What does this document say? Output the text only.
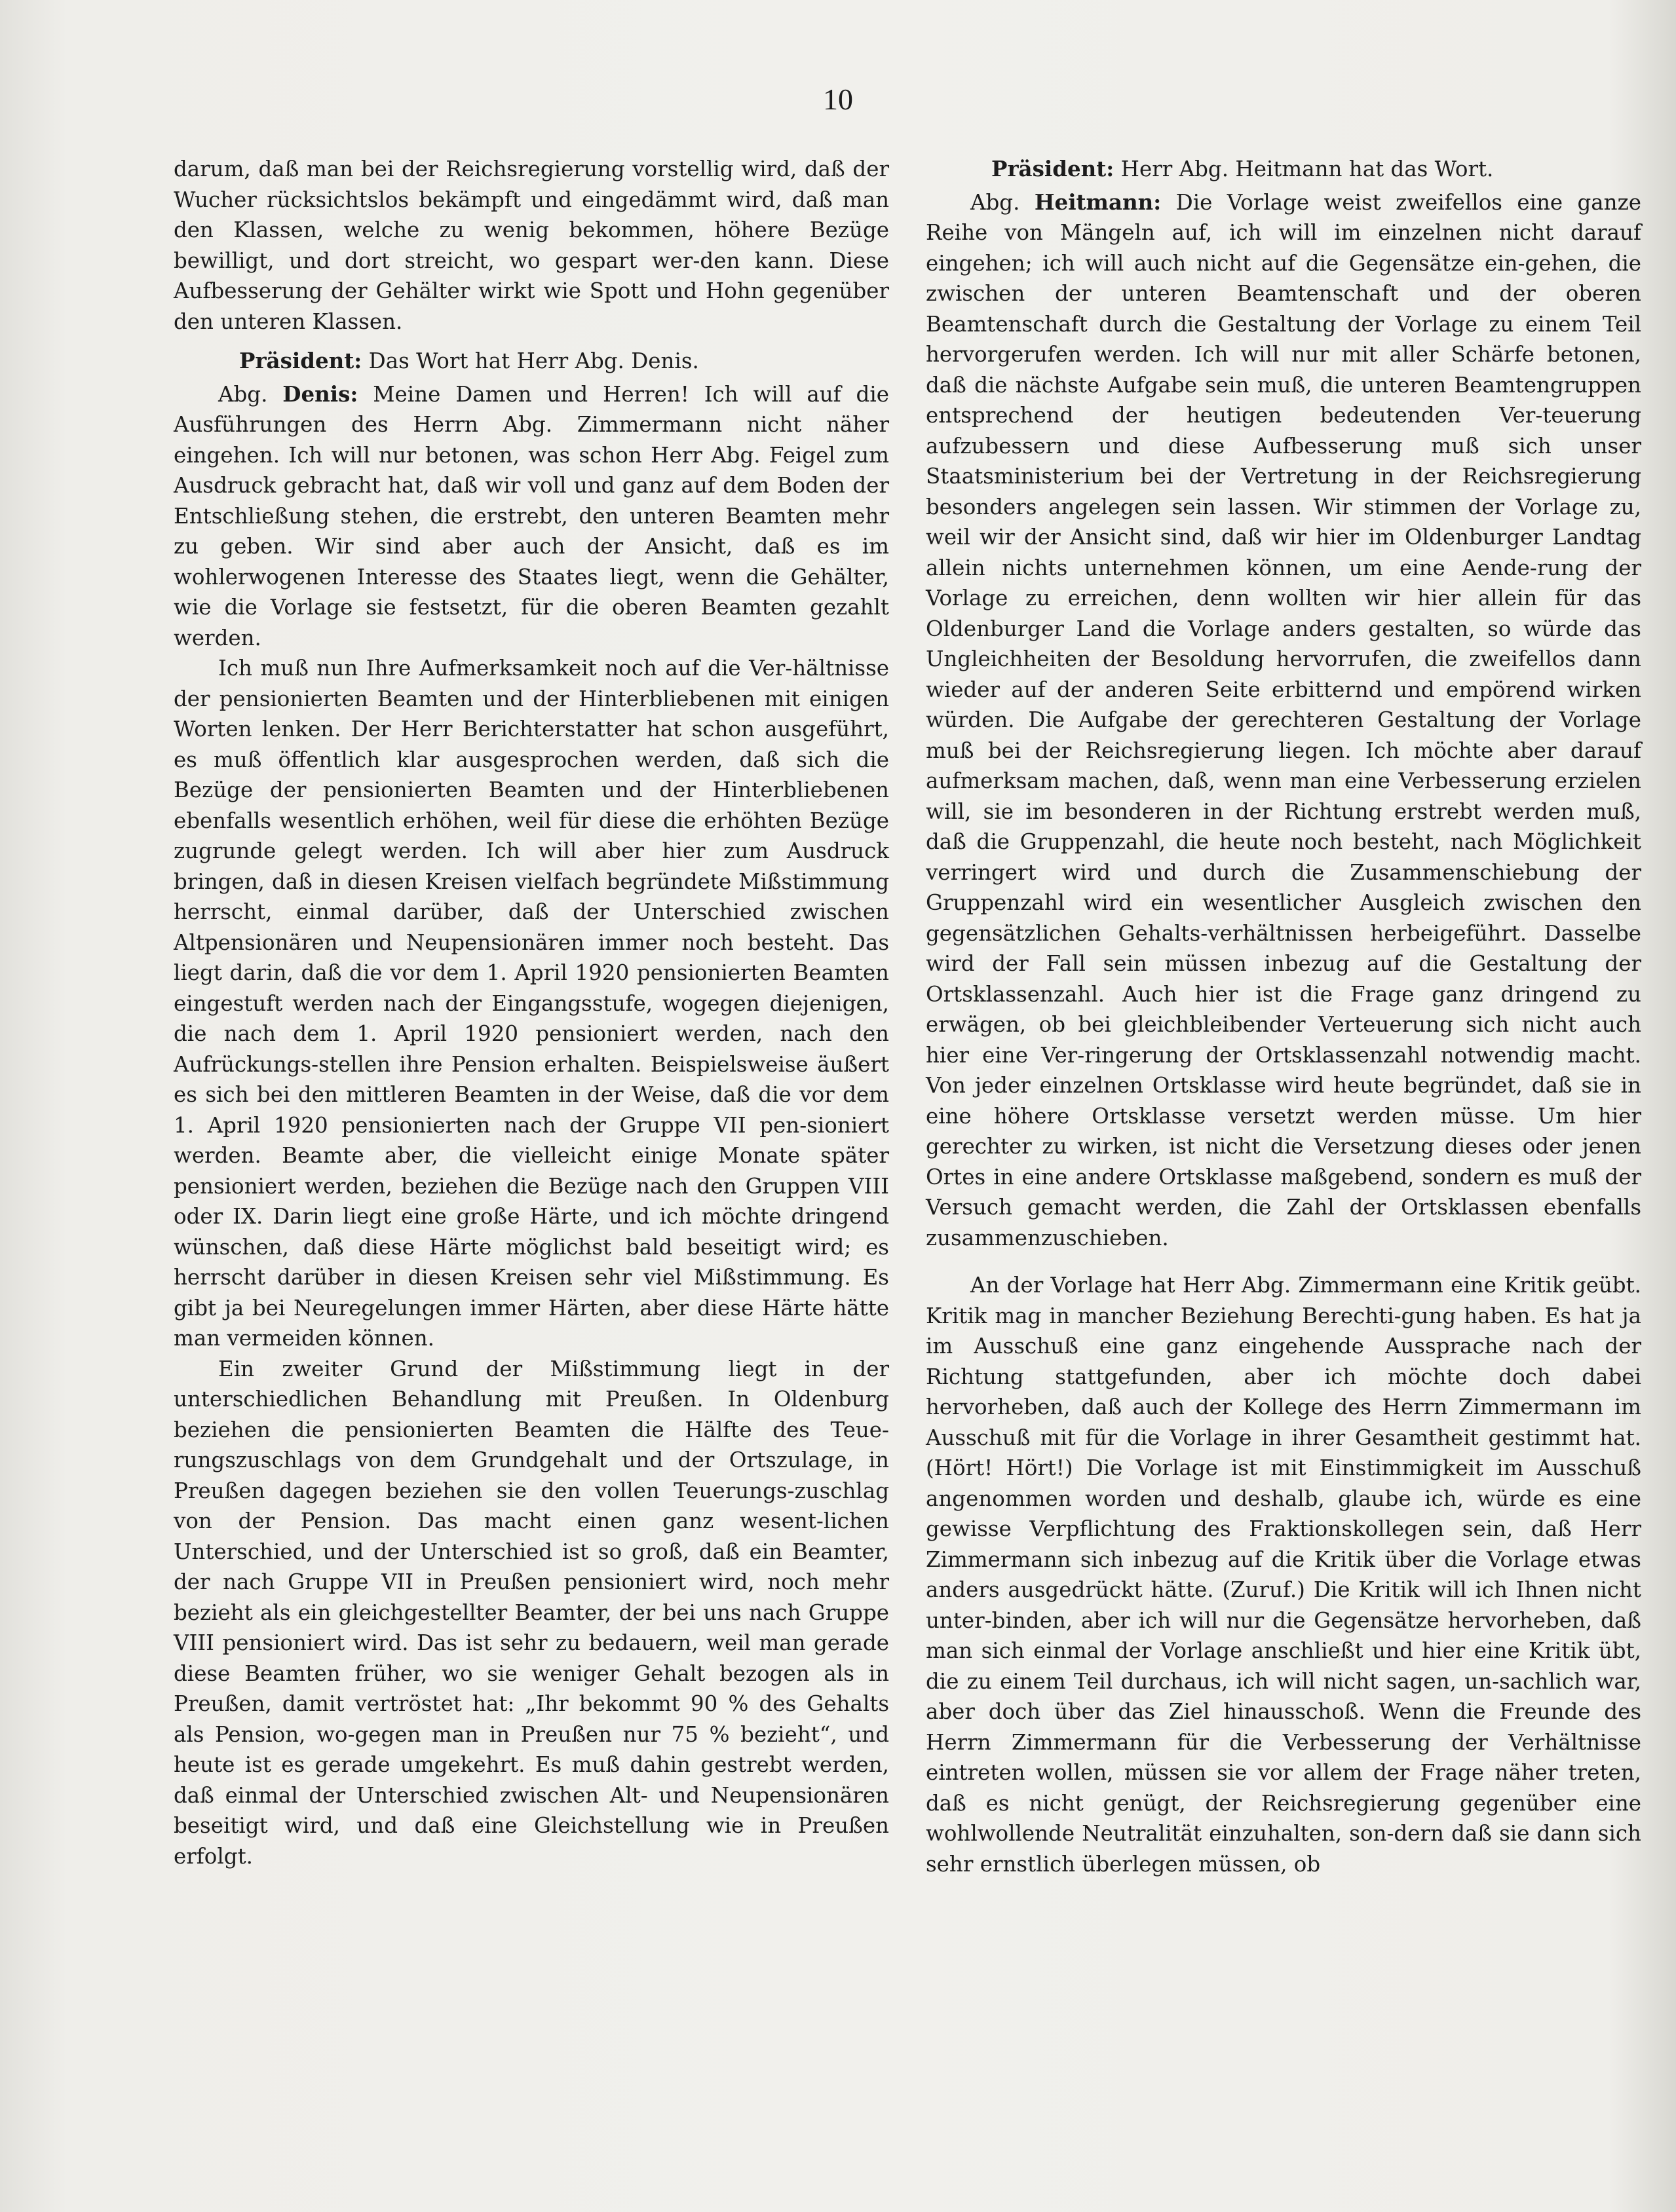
10

darum, daß man bei der Reichsregierung vorstellig wird, daß der Wucher rücksichtslos bekämpft und eingedämmt wird, daß man den Klassen, welche zu wenig bekommen, höhere Bezüge bewilligt, und dort streicht, wo gespart wer-den kann. Diese Aufbesserung der Gehälter wirkt wie Spott und Hohn gegenüber den unteren Klassen.

Präsident: Das Wort hat Herr Abg. Denis.

Abg. Denis: Meine Damen und Herren! Ich will auf die Ausführungen des Herrn Abg. Zimmermann nicht näher eingehen. Ich will nur betonen, was schon Herr Abg. Feigel zum Ausdruck gebracht hat, daß wir voll und ganz auf dem Boden der Entschließung stehen, die erstrebt, den unteren Beamten mehr zu geben. Wir sind aber auch der Ansicht, daß es im wohlerwogenen Interesse des Staates liegt, wenn die Gehälter, wie die Vorlage sie festsetzt, für die oberen Beamten gezahlt werden.

Ich muß nun Ihre Aufmerksamkeit noch auf die Ver-hältnisse der pensionierten Beamten und der Hinterbliebenen mit einigen Worten lenken. Der Herr Berichterstatter hat schon ausgeführt, es muß öffentlich klar ausgesprochen werden, daß sich die Bezüge der pensionierten Beamten und der Hinterbliebenen ebenfalls wesentlich erhöhen, weil für diese die erhöhten Bezüge zugrunde gelegt werden. Ich will aber hier zum Ausdruck bringen, daß in diesen Kreisen vielfach begründete Mißstimmung herrscht, einmal darüber, daß der Unterschied zwischen Altpensionären und Neupensionären immer noch besteht. Das liegt darin, daß die vor dem 1. April 1920 pensionierten Beamten eingestuft werden nach der Eingangsstufe, wogegen diejenigen, die nach dem 1. April 1920 pensioniert werden, nach den Aufrückungs-stellen ihre Pension erhalten. Beispielsweise äußert es sich bei den mittleren Beamten in der Weise, daß die vor dem 1. April 1920 pensionierten nach der Gruppe VII pen-sioniert werden. Beamte aber, die vielleicht einige Monate später pensioniert werden, beziehen die Bezüge nach den Gruppen VIII oder IX. Darin liegt eine große Härte, und ich möchte dringend wünschen, daß diese Härte möglichst bald beseitigt wird; es herrscht darüber in diesen Kreisen sehr viel Mißstimmung. Es gibt ja bei Neuregelungen immer Härten, aber diese Härte hätte man vermeiden können.

Ein zweiter Grund der Mißstimmung liegt in der unterschiedlichen Behandlung mit Preußen. In Oldenburg beziehen die pensionierten Beamten die Hälfte des Teue-rungszuschlags von dem Grundgehalt und der Ortszulage, in Preußen dagegen beziehen sie den vollen Teuerungs-zuschlag von der Pension. Das macht einen ganz wesent-lichen Unterschied, und der Unterschied ist so groß, daß ein Beamter, der nach Gruppe VII in Preußen pensioniert wird, noch mehr bezieht als ein gleichgestellter Beamter, der bei uns nach Gruppe VIII pensioniert wird. Das ist sehr zu bedauern, weil man gerade diese Beamten früher, wo sie weniger Gehalt bezogen als in Preußen, damit vertröstet hat: „Ihr bekommt 90 % des Gehalts als Pension, wo-gegen man in Preußen nur 75 % bezieht“, und heute ist es gerade umgekehrt. Es muß dahin gestrebt werden, daß einmal der Unterschied zwischen Alt- und Neupensionären beseitigt wird, und daß eine Gleichstellung wie in Preußen erfolgt.

Präsident: Herr Abg. Heitmann hat das Wort.

Abg. Heitmann: Die Vorlage weist zweifellos eine ganze Reihe von Mängeln auf, ich will im einzelnen nicht darauf eingehen; ich will auch nicht auf die Gegensätze ein-gehen, die zwischen der unteren Beamtenschaft und der oberen Beamtenschaft durch die Gestaltung der Vorlage zu einem Teil hervorgerufen werden. Ich will nur mit aller Schärfe betonen, daß die nächste Aufgabe sein muß, die unteren Beamtengruppen entsprechend der heutigen bedeutenden Ver-teuerung aufzubessern und diese Aufbesserung muß sich unser Staatsministerium bei der Vertretung in der Reichsregierung besonders angelegen sein lassen. Wir stimmen der Vorlage zu, weil wir der Ansicht sind, daß wir hier im Oldenburger Landtag allein nichts unternehmen können, um eine Aende-rung der Vorlage zu erreichen, denn wollten wir hier allein für das Oldenburger Land die Vorlage anders gestalten, so würde das Ungleichheiten der Besoldung hervorrufen, die zweifellos dann wieder auf der anderen Seite erbitternd und empörend wirken würden. Die Aufgabe der gerechteren Gestaltung der Vorlage muß bei der Reichsregierung liegen. Ich möchte aber darauf aufmerksam machen, daß, wenn man eine Verbesserung erzielen will, sie im besonderen in der Richtung erstrebt werden muß, daß die Gruppenzahl, die heute noch besteht, nach Möglichkeit verringert wird und durch die Zusammenschiebung der Gruppenzahl wird ein wesentlicher Ausgleich zwischen den gegensätzlichen Gehalts-verhältnissen herbeigeführt. Dasselbe wird der Fall sein müssen inbezug auf die Gestaltung der Ortsklassenzahl. Auch hier ist die Frage ganz dringend zu erwägen, ob bei gleichbleibender Verteuerung sich nicht auch hier eine Ver-ringerung der Ortsklassenzahl notwendig macht. Von jeder einzelnen Ortsklasse wird heute begründet, daß sie in eine höhere Ortsklasse versetzt werden müsse. Um hier gerechter zu wirken, ist nicht die Versetzung dieses oder jenen Ortes in eine andere Ortsklasse maßgebend, sondern es muß der Versuch gemacht werden, die Zahl der Ortsklassen ebenfalls zusammenzuschieben.

An der Vorlage hat Herr Abg. Zimmermann eine Kritik geübt. Kritik mag in mancher Beziehung Berechti-gung haben. Es hat ja im Ausschuß eine ganz eingehende Aussprache nach der Richtung stattgefunden, aber ich möchte doch dabei hervorheben, daß auch der Kollege des Herrn Zimmermann im Ausschuß mit für die Vorlage in ihrer Gesamtheit gestimmt hat. (Hört! Hört!) Die Vorlage ist mit Einstimmigkeit im Ausschuß angenommen worden und deshalb, glaube ich, würde es eine gewisse Verpflichtung des Fraktionskollegen sein, daß Herr Zimmermann sich inbezug auf die Kritik über die Vorlage etwas anders ausgedrückt hätte. (Zuruf.) Die Kritik will ich Ihnen nicht unter-binden, aber ich will nur die Gegensätze hervorheben, daß man sich einmal der Vorlage anschließt und hier eine Kritik übt, die zu einem Teil durchaus, ich will nicht sagen, un-sachlich war, aber doch über das Ziel hinausschoß. Wenn die Freunde des Herrn Zimmermann für die Verbesserung der Verhältnisse eintreten wollen, müssen sie vor allem der Frage näher treten, daß es nicht genügt, der Reichsregierung gegenüber eine wohlwollende Neutralität einzuhalten, son-dern daß sie dann sich sehr ernstlich überlegen müssen, ob
